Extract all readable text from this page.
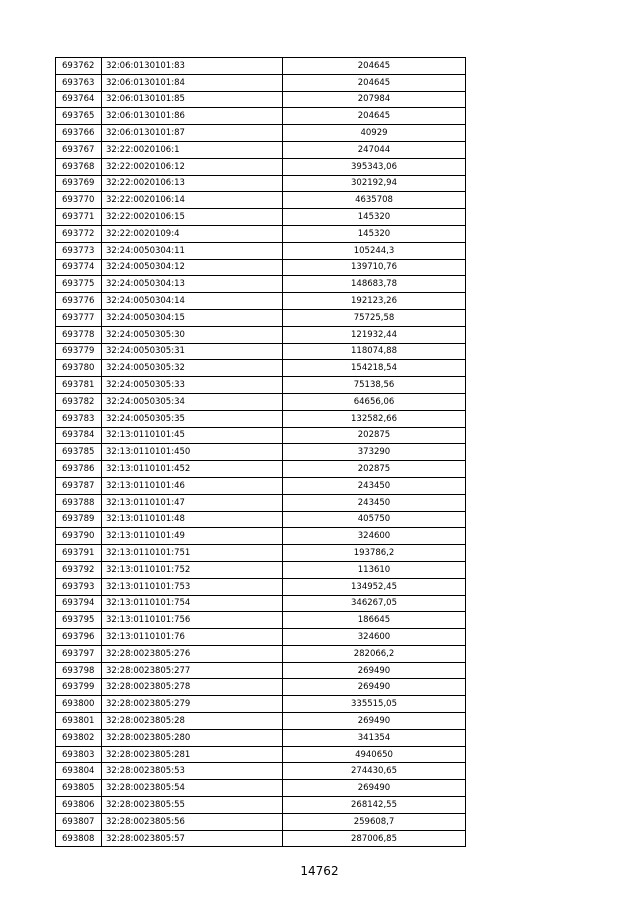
693762	32:06:0130101:83	204645
693763	32:06:0130101:84	204645
693764	32:06:0130101:85	207984
693765	32:06:0130101:86	204645
693766	32:06:0130101:87	40929
693767	32:22:0020106:1	247044
693768	32:22:0020106:12	395343,06
693769	32:22:0020106:13	302192,94
693770	32:22:0020106:14	4635708
693771	32:22:0020106:15	145320
693772	32:22:0020109:4	145320
693773	32:24:0050304:11	105244,3
693774	32:24:0050304:12	139710,76
693775	32:24:0050304:13	148683,78
693776	32:24:0050304:14	192123,26
693777	32:24:0050304:15	75725,58
693778	32:24:0050305:30	121932,44
693779	32:24:0050305:31	118074,88
693780	32:24:0050305:32	154218,54
693781	32:24:0050305:33	75138,56
693782	32:24:0050305:34	64656,06
693783	32:24:0050305:35	132582,66
693784	32:13:0110101:45	202875
693785	32:13:0110101:450	373290
693786	32:13:0110101:452	202875
693787	32:13:0110101:46	243450
693788	32:13:0110101:47	243450
693789	32:13:0110101:48	405750
693790	32:13:0110101:49	324600
693791	32:13:0110101:751	193786,2
693792	32:13:0110101:752	113610
693793	32:13:0110101:753	134952,45
693794	32:13:0110101:754	346267,05
693795	32:13:0110101:756	186645
693796	32:13:0110101:76	324600
693797	32:28:0023805:276	282066,2
693798	32:28:0023805:277	269490
693799	32:28:0023805:278	269490
693800	32:28:0023805:279	335515,05
693801	32:28:0023805:28	269490
693802	32:28:0023805:280	341354
693803	32:28:0023805:281	4940650
693804	32:28:0023805:53	274430,65
693805	32:28:0023805:54	269490
693806	32:28:0023805:55	268142,55
693807	32:28:0023805:56	259608,7
693808	32:28:0023805:57	287006,85
14762
